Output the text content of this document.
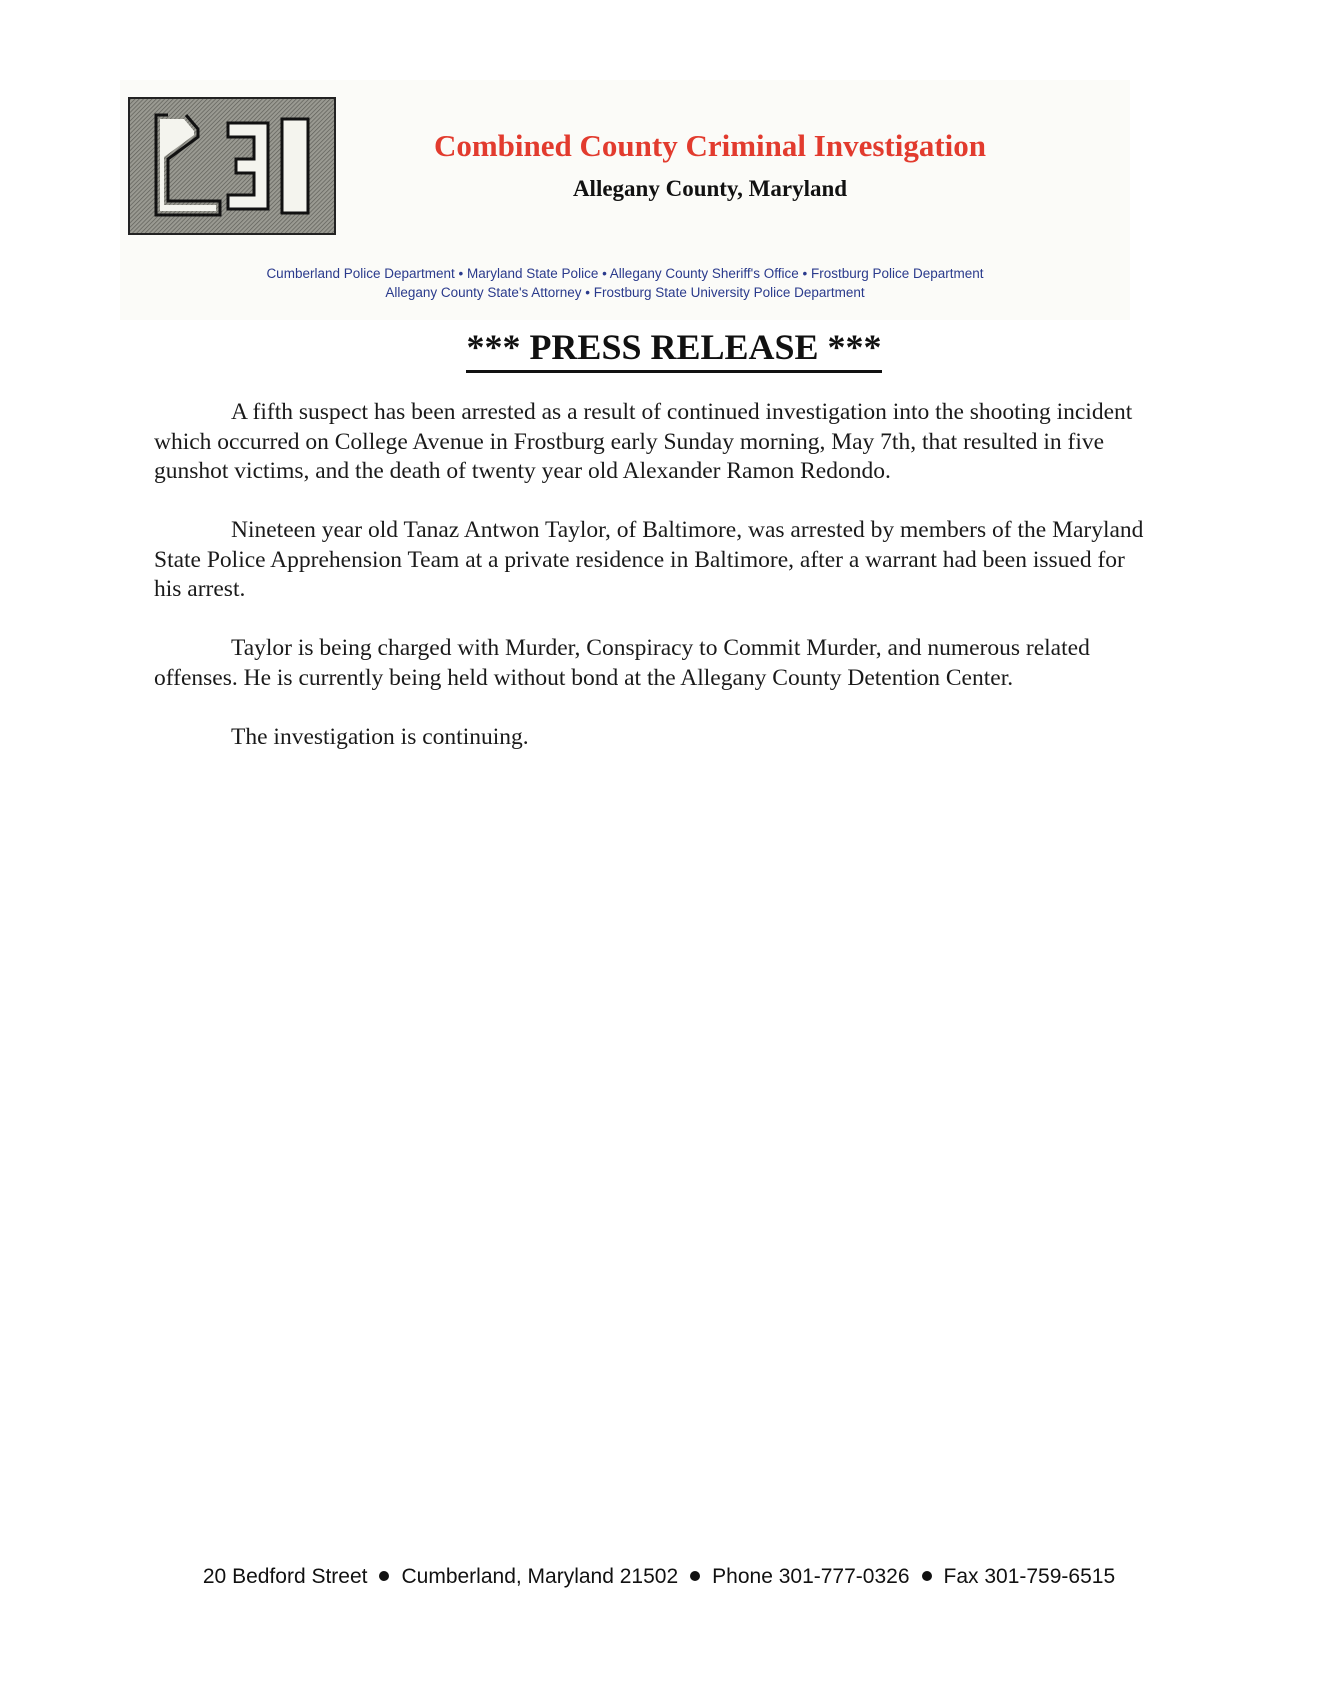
Combined County Criminal Investigation
Allegany County, Maryland
Cumberland Police Department • Maryland State Police • Allegany County Sheriff's Office • Frostburg Police Department
Allegany County State's Attorney • Frostburg State University Police Department
*** PRESS RELEASE ***

A fifth suspect has been arrested as a result of continued investigation into the shooting incident which occurred on College Avenue in Frostburg early Sunday morning, May 7th, that resulted in five gunshot victims, and the death of twenty year old Alexander Ramon Redondo.

Nineteen year old Tanaz Antwon Taylor, of Baltimore, was arrested by members of the Maryland State Police Apprehension Team at a private residence in Baltimore, after a warrant had been issued for his arrest.

Taylor is being charged with Murder, Conspiracy to Commit Murder, and numerous related offenses. He is currently being held without bond at the Allegany County Detention Center.

The investigation is continuing.

20 Bedford Street Cumberland, Maryland 21502 Phone 301-777-0326 Fax 301-759-6515
